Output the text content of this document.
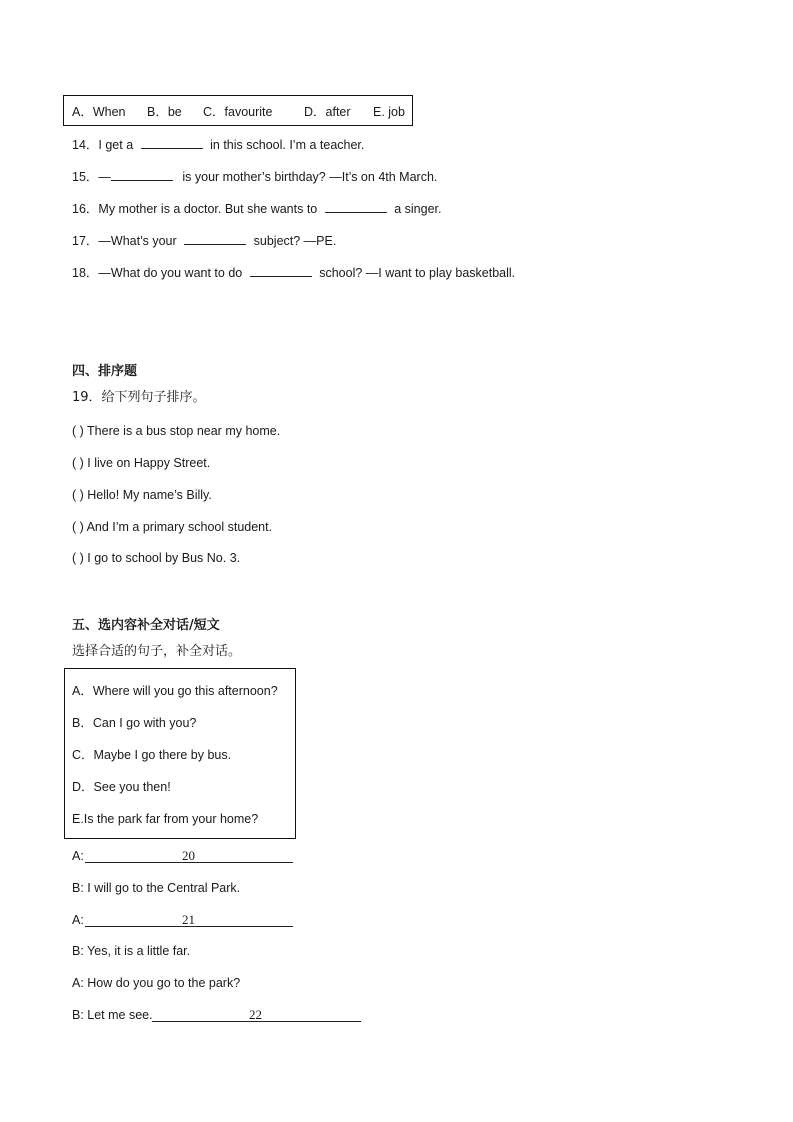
A．When B．be C．favourite	D．after E. job
14．I get a	in this school. I’m a teacher.
15．—	is your mother’s birthday? —It’s on 4th March.
16．My mother is a doctor. But she wants to	a singer.
17．—What’s your	subject? —PE.
18．—What do you want to do	school? —I want to play basketball.
四、排序题
19．给下列句子排序。
( ) There is a bus stop near my home.
( ) I live on Happy Street.
( ) Hello! My name’s Billy.
( ) And I’m a primary school student.
( ) I go to school by Bus No. 3.
五、选内容补全对话/短文
选择合适的句子，补全对话。
A．Where will you go this afternoon?
B．Can I go with you?
C．Maybe I go there by bus.
D．See you then!
E.Is the park far from your home?
A:	20
B: I will go to the Central Park.
A:	21
B: Yes, it is a little far.
A: How do you go to the park?
B: Let me see.	22
